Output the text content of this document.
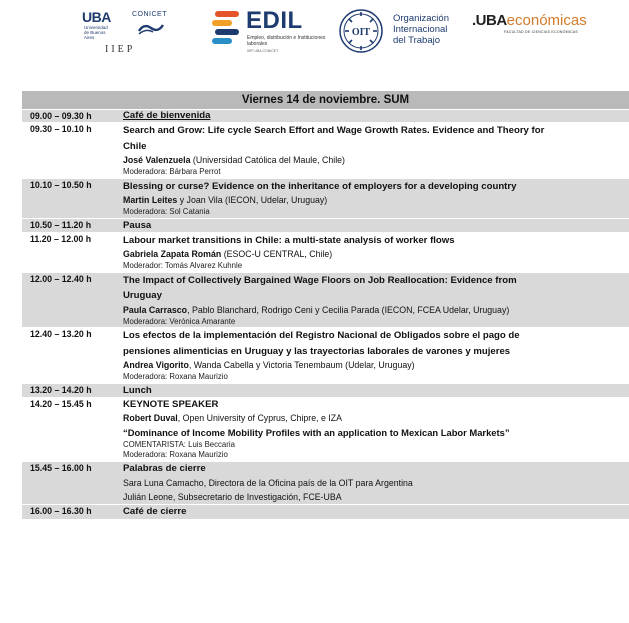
UBA
Universidad de Buenos Aires
CONICET
IIEP
EDIL
Empleo, distribución e Instituciones laborales
IIEP UBA CONICET
OIT
Organización
Internacional
del Trabajo
.UBAeconómicas
FACULTAD DE CIENCIAS ECONÓMICAS
Viernes 14 de noviembre. SUM
09.00 – 09.30 h	Café de bienvenida
09.30 – 10.10 h	Search and Grow: Life cycle Search Effort and Wage Growth Rates. Evidence and Theory for
Chile
José Valenzuela (Universidad Católica del Maule, Chile)
Moderadora: Bárbara Perrot
10.10 – 10.50 h	Blessing or curse? Evidence on the inheritance of employers for a developing country
Martin Leites y Joan Vila (IECON, Udelar, Uruguay)
Moderadora: Sol Catania
10.50 – 11.20 h	Pausa
11.20 – 12.00 h	Labour market transitions in Chile: a multi-state analysis of worker flows
Gabriela Zapata Román (ESOC-U CENTRAL, Chile)
Moderador: Tomás Alvarez Kuhnle
12.00 – 12.40 h	The Impact of Collectively Bargained Wage Floors on Job Reallocation: Evidence from
Uruguay
Paula Carrasco, Pablo Blanchard, Rodrigo Ceni y Cecilia Parada (IECON, FCEA Udelar, Uruguay)
Moderadora: Verónica Amarante
12.40 – 13.20 h	Los efectos de la implementación del Registro Nacional de Obligados sobre el pago de
pensiones alimenticias en Uruguay y las trayectorias laborales de varones y mujeres
Andrea Vigorito, Wanda Cabella y Victoria Tenembaum (Udelar, Uruguay)
Moderadora: Roxana Maurizio
13.20 – 14.20 h	Lunch
14.20 – 15.45 h	KEYNOTE SPEAKER
Robert Duval, Open University of Cyprus, Chipre, e IZA
“Dominance of Income Mobility Profiles with an application to Mexican Labor Markets”
COMENTARISTA: Luis Beccaria
Moderadora: Roxana Maurizio
15.45 – 16.00 h	Palabras de cierre
Sara Luna Camacho, Directora de la Oficina país de la OIT para Argentina
Julián Leone, Subsecretario de Investigación, FCE-UBA
16.00 – 16.30 h	Café de cierre
